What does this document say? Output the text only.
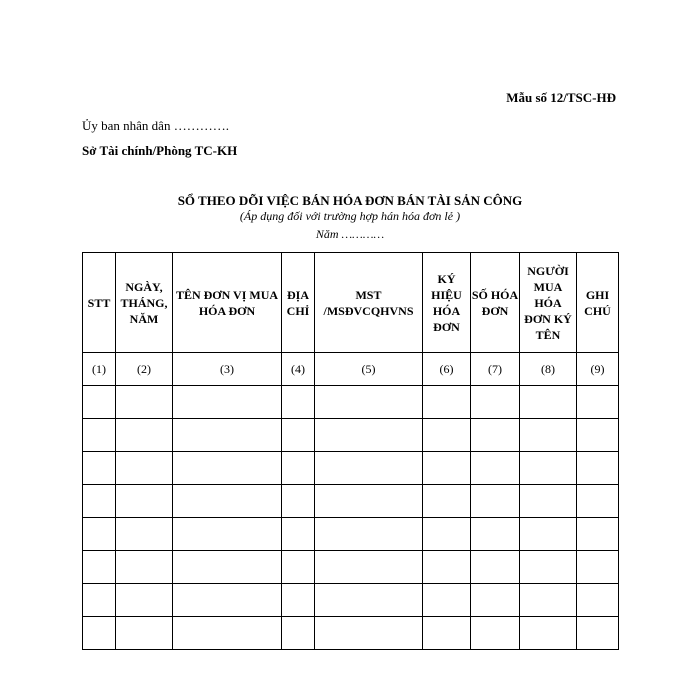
Mẫu số 12/TSC-HĐ
Ủy ban nhân dân ………….
Sở Tài chính/Phòng TC-KH
SỔ THEO DÕI VIỆC BÁN HÓA ĐƠN BÁN TÀI SẢN CÔNG
(Áp dụng đối với trường hợp hán hóa đơn lẻ )
Năm …………
STT	NGÀY, THÁNG, NĂM	TÊN ĐƠN VỊ MUA HÓA ĐƠN	ĐỊA CHỈ	MST /MSĐVCQHVNS	KÝ HIỆU HÓA ĐƠN	SỐ HÓA ĐƠN	NGƯỜI MUA HÓA ĐƠN KÝ TÊN	GHI CHÚ
(1)	(2)	(3)	(4)	(5)	(6)	(7)	(8)	(9)
